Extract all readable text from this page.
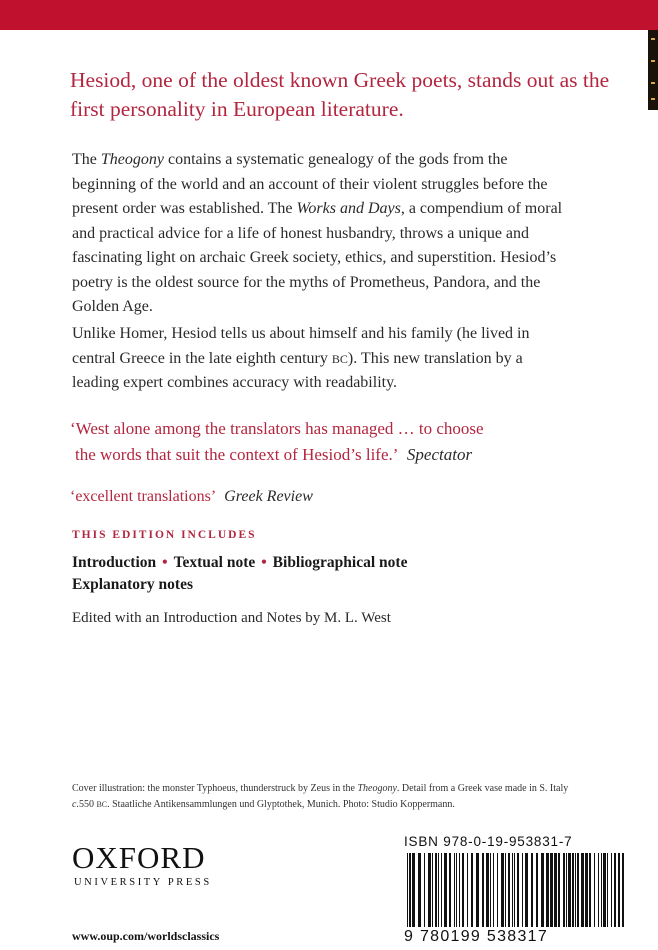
Hesiod, one of the oldest known Greek poets, stands out as the first personality in European literature.

The Theogony contains a systematic genealogy of the gods from the beginning of the world and an account of their violent struggles before the present order was established. The Works and Days, a compendium of moral and practical advice for a life of honest husbandry, throws a unique and fascinating light on archaic Greek society, ethics, and superstition. Hesiod’s poetry is the oldest source for the myths of Prometheus, Pandora, and the Golden Age.

Unlike Homer, Hesiod tells us about himself and his family (he lived in central Greece in the late eighth century BC). This new translation by a leading expert combines accuracy with readability.

‘West alone among the translators has managed … to choose
the words that suit the context of Hesiod’s life.’ Spectator

‘excellent translations’ Greek Review

THIS EDITION INCLUDES

Introduction • Textual note • Bibliographical note
Explanatory notes

Edited with an Introduction and Notes by M. L. West

Cover illustration: the monster Typhoeus, thunderstruck by Zeus in the Theogony. Detail from a Greek vase made in S. Italy c.550 BC. Staatliche Antikensammlungen und Glyptothek, Munich. Photo: Studio Koppermann.

OXFORD

UNIVERSITY PRESS

www.oup.com/worldsclassics

ISBN 978-0-19-953831-7

9 780199 538317
